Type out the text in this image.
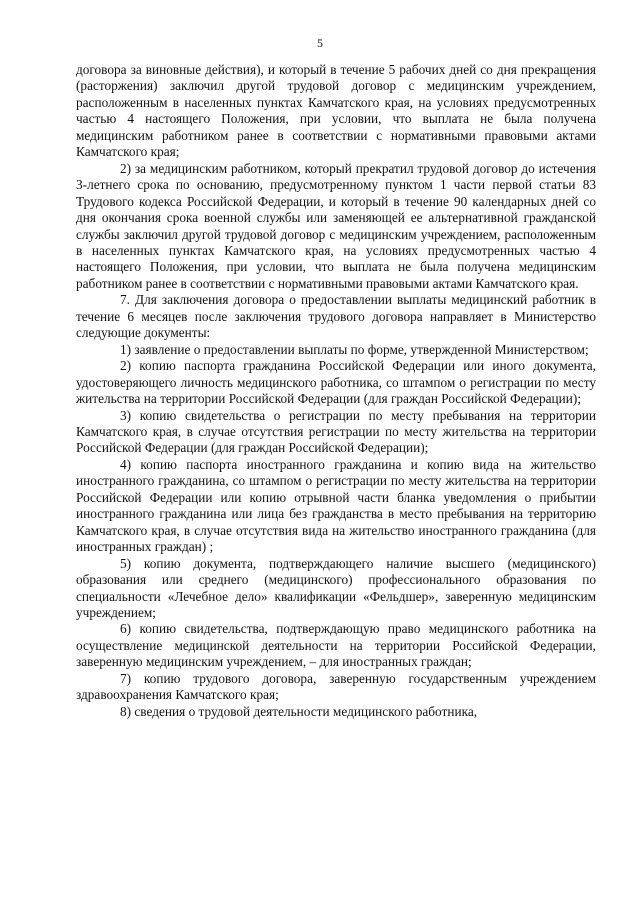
5

договора за виновные действия), и который в течение 5 рабочих дней со дня прекращения (расторжения) заключил другой трудовой договор с медицинским учреждением, расположенным в населенных пунктах Камчатского края, на условиях предусмотренных частью 4 настоящего Положения, при условии, что выплата не была получена медицинским работником ранее в соответствии с нормативными правовыми актами Камчатского края;

2) за медицинским работником, который прекратил трудовой договор до истечения 3-летнего срока по основанию, предусмотренному пунктом 1 части первой статьи 83 Трудового кодекса Российской Федерации, и который в течение 90 календарных дней со дня окончания срока военной службы или заменяющей ее альтернативной гражданской службы заключил другой трудовой договор с медицинским учреждением, расположенным в населенных пунктах Камчатского края, на условиях предусмотренных частью 4 настоящего Положения, при условии, что выплата не была получена медицинским работником ранее в соответствии с нормативными правовыми актами Камчатского края.

7. Для заключения договора о предоставлении выплаты медицинский работник в течение 6 месяцев после заключения трудового договора направляет в Министерство следующие документы:

1) заявление о предоставлении выплаты по форме, утвержденной Министерством;

2) копию паспорта гражданина Российской Федерации или иного документа, удостоверяющего личность медицинского работника, со штампом о регистрации по месту жительства на территории Российской Федерации (для граждан Российской Федерации);

3) копию свидетельства о регистрации по месту пребывания на территории Камчатского края, в случае отсутствия регистрации по месту жительства на территории Российской Федерации (для граждан Российской Федерации);

4) копию паспорта иностранного гражданина и копию вида на жительство иностранного гражданина, со штампом о регистрации по месту жительства на территории Российской Федерации или копию отрывной части бланка уведомления о прибытии иностранного гражданина или лица без гражданства в место пребывания на территорию Камчатского края, в случае отсутствия вида на жительство иностранного гражданина (для иностранных граждан) ;

5) копию документа, подтверждающего наличие высшего (медицинского) образования или среднего (медицинского) профессионального образования по специальности «Лечебное дело» квалификации «Фельдшер», заверенную медицинским учреждением;

6) копию свидетельства, подтверждающую право медицинского работника на осуществление медицинской деятельности на территории Российской Федерации, заверенную медицинским учреждением, – для иностранных граждан;

7) копию трудового договора, заверенную государственным учреждением здравоохранения Камчатского края;

8) сведения о трудовой деятельности медицинского работника,
